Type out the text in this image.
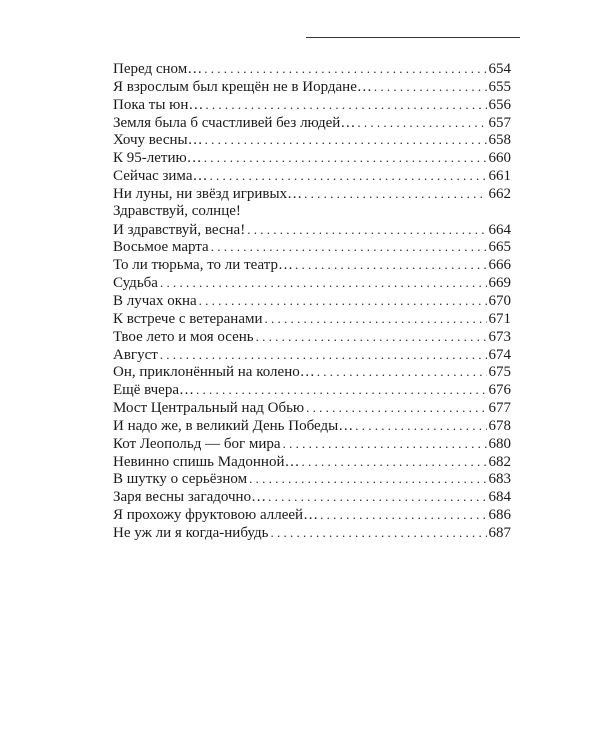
Перед сном… . . .	654
Я взрослым был крещён не в Иордане… . . .	655
Пока ты юн… . . .	656
Земля была б счастливей без людей… . . .	657
Хочу весны… . . .	658
К 95-летию… . . .	660
Сейчас зима… . . .	661
Ни луны, ни звёзд игривых… . . .	662
Здравствуй, солнце!
И здравствуй, весна! . . .	664
Восьмое марта . . .	665
То ли тюрьма, то ли театр… . . .	666
Судьба . . .	669
В лучах окна . . .	670
К встрече с ветеранами . . .	671
Твое лето и моя осень . . .	673
Август . . .	674
Он, приклонённый на колено… . . .	675
Ещё вчера… . . .	676
Мост Центральный над Обью . . .	677
И надо же, в великий День Победы… . . .	678
Кот Леопольд — бог мира . . .	680
Невинно спишь Мадонной… . . .	682
В шутку о серьёзном . . .	683
Заря весны загадочно… . . .	684
Я прохожу фруктовою аллеей… . . .	686
Не уж ли я когда-нибудь . . .	687
